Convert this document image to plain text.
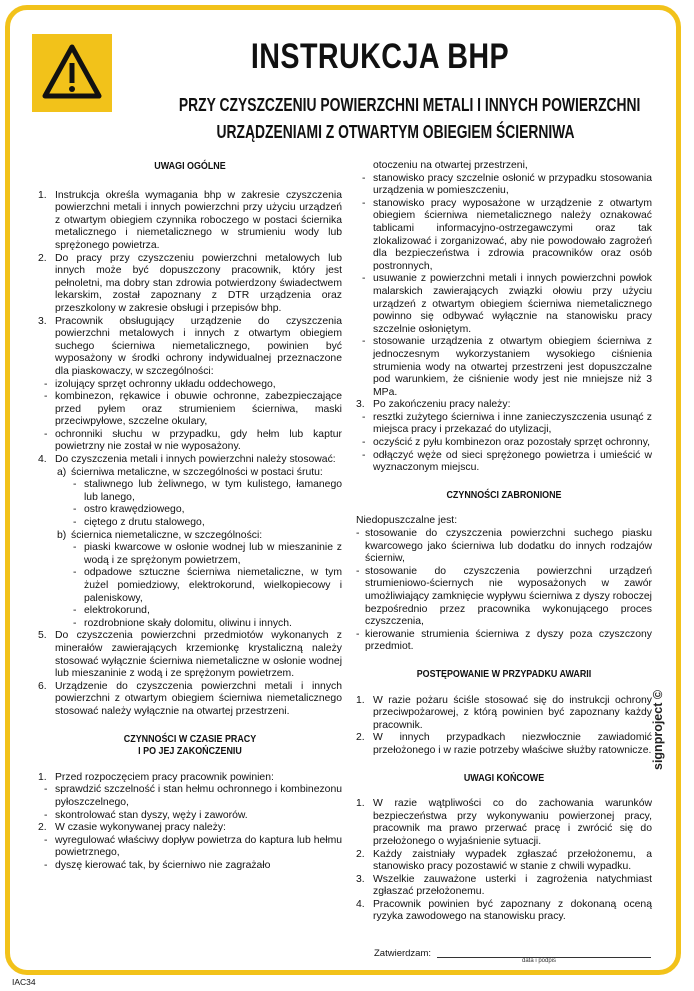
INSTRUKCJA BHP
PRZY CZYSZCZENIU POWIERZCHNI METALI I INNYCH POWIERZCHNI
URZĄDZENIAMI Z OTWARTYM OBIEGIEM ŚCIERNIWA
UWAGI OGÓLNE

1. Instrukcja określa wymagania bhp w zakresie czyszczenia powierzchni metali i innych powierzchni przy użyciu urządzeń z otwartym obiegiem czynnika roboczego w postaci ściernika metalicznego i niemetalicznego w strumieniu wody lub sprężonego powietrza.

2. Do pracy przy czyszczeniu powierzchni metalowych lub innych może być dopuszczony pracownik, który jest pełnoletni, ma dobry stan zdrowia potwierdzony świadectwem lekarskim, został zapoznany z DTR urządzenia oraz przeszkolony w zakresie obsługi i przepisów bhp.

3. Pracownik obsługujący urządzenie do czyszczenia powierzchni metalowych i innych z otwartym obiegiem suchego ścierniwa niemetalicznego, powinien być wyposażony w środki ochrony indywidualnej przeznaczone dla piaskowaczy, w szczególności:

- izolujący sprzęt ochronny układu oddechowego,

- kombinezon, rękawice i obuwie ochronne, zabezpieczające przed pyłem oraz strumieniem ścierniwa, maski przeciwpyłowe, szczelne okulary,

- ochronniki słuchu w przypadku, gdy hełm lub kaptur powietrzny nie został w nie wyposażony.

4. Do czyszczenia metali i innych powierzchni należy stosować:

a) ścierniwa metaliczne, w szczególności w postaci śrutu:

- staliwnego lub żeliwnego, w tym kulistego, łamanego lub lanego,

- ostro krawędziowego,

- ciętego z drutu stalowego,

b) ściernica niemetaliczne, w szczególności:

- piaski kwarcowe w osłonie wodnej lub w mieszaninie z wodą i ze sprężonym powietrzem,

- odpadowe sztuczne ścierniwa niemetaliczne, w tym żużel pomiedziowy, elektrokorund, wielkopiecowy i paleniskowy,

- elektrokorund,

- rozdrobnione skały dolomitu, oliwinu i innych.

5. Do czyszczenia powierzchni przedmiotów wykonanych z minerałów zawierających krzemionkę krystaliczną należy stosować wyłącznie ścierniwa niemetaliczne w osłonie wodnej lub mieszaninie z wodą i ze sprężonym powietrzem.

6. Urządzenie do czyszczenia powierzchni metali i innych powierzchni z otwartym obiegiem ścierniwa niemetalicznego stosować należy wyłącznie na otwartej przestrzeni.

CZYNNOŚCI W CZASIE PRACY
I PO JEJ ZAKOŃCZENIU

1. Przed rozpoczęciem pracy pracownik powinien:

- sprawdzić szczelność i stan hełmu ochronnego i kombinezonu pyłoszczelnego,

- skontrolować stan dyszy, węży i zaworów.

2. W czasie wykonywanej pracy należy:

- wyregulować właściwy dopływ powietrza do kaptura lub hełmu powietrznego,

- dyszę kierować tak, by ścierniwo nie zagrażało

otoczeniu na otwartej przestrzeni,

- stanowisko pracy szczelnie osłonić w przypadku stosowania urządzenia w pomieszczeniu,

- stanowisko pracy wyposażone w urządzenie z otwartym obiegiem ścierniwa niemetalicznego należy oznakować tablicami informacyjno-ostrzegawczymi oraz tak zlokalizować i zorganizować, aby nie powodowało zagrożeń dla bezpieczeństwa i zdrowia pracowników oraz osób postronnych,

- usuwanie z powierzchni metali i innych powierzchni powłok malarskich zawierających związki ołowiu przy użyciu urządzeń z otwartym obiegiem ścierniwa niemetalicznego powinno się odbywać wyłącznie na stanowisku pracy szczelnie osłoniętym.

- stosowanie urządzenia z otwartym obiegiem ścierniwa z jednoczesnym wykorzystaniem wysokiego ciśnienia strumienia wody na otwartej przestrzeni jest dopuszczalne pod warunkiem, że ciśnienie wody jest nie mniejsze niż 3 MPa.

3. Po zakończeniu pracy należy:

- resztki zużytego ścierniwa i inne zanieczyszczenia usunąć z miejsca pracy i przekazać do utylizacji,

- oczyścić z pyłu kombinezon oraz pozostały sprzęt ochronny,

- odłączyć węże od sieci sprężonego powietrza i umieścić w wyznaczonym miejscu.

CZYNNOŚCI ZABRONIONE

Niedopuszczalne jest:

- stosowanie do czyszczenia powierzchni suchego piasku kwarcowego jako ścierniwa lub dodatku do innych rodzajów ścierniw,

- stosowanie do czyszczenia powierzchni urządzeń strumieniowo-ściernych nie wyposażonych w zawór umożliwiający zamknięcie wypływu ścierniwa z dyszy roboczej bezpośrednio przez pracownika wykonującego proces czyszczenia,

- kierowanie strumienia ścierniwa z dyszy poza czyszczony przedmiot.

POSTĘPOWANIE W PRZYPADKU AWARII

1. W razie pożaru ściśle stosować się do instrukcji ochrony przeciwpożarowej, z którą powinien być zapoznany każdy pracownik.

2. W innych przypadkach niezwłocznie zawiadomić przełożonego i w razie potrzeby właściwe służby ratownicze.

UWAGI KOŃCOWE

1. W razie wątpliwości co do zachowania warunków bezpieczeństwa przy wykonywaniu powierzonej pracy, pracownik ma prawo przerwać pracę i zwrócić się do przełożonego o wyjaśnienie sytuacji.

2. Każdy zaistniały wypadek zgłaszać przełożonemu, a stanowisko pracy pozostawić w stanie z chwili wypadku.

3. Wszelkie zauważone usterki i zagrożenia natychmiast zgłaszać przełożonemu.

4. Pracownik powinien być zapoznany z dokonaną oceną ryzyka zawodowego na stanowisku pracy.

signproject ©
Zatwierdzam:
data i podpis
IAC34
